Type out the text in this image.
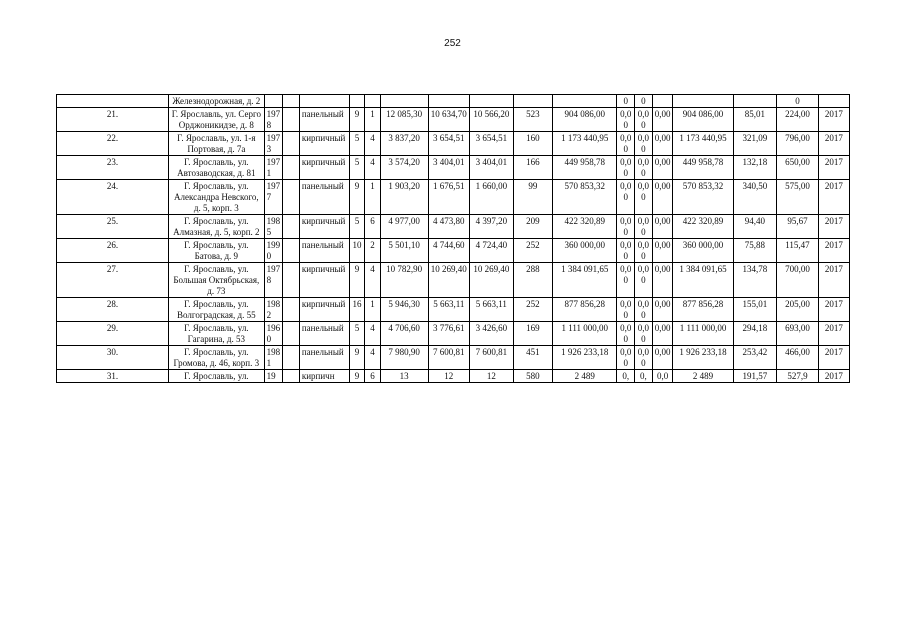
252
	Железнодорожная, д. 2											0	0				0	
21.	Г. Ярославль, ул. Серго Орджоникидзе, д. 8	1978		панельный	9	1	12 085,30	10 634,70	10 566,20	523	904 086,00	0,00	0,00	0,00	904 086,00	85,01	224,00	2017
22.	Г. Ярославль, ул. 1-я Портовая, д. 7а	1973		кирпичный	5	4	3 837,20	3 654,51	3 654,51	160	1 173 440,95	0,00	0,00	0,00	1 173 440,95	321,09	796,00	2017
23.	Г. Ярославль, ул. Автозаводская, д. 81	1971		кирпичный	5	4	3 574,20	3 404,01	3 404,01	166	449 958,78	0,00	0,00	0,00	449 958,78	132,18	650,00	2017
24.	Г. Ярославль, ул. Александра Невского, д. 5, корп. 3	1977		панельный	9	1	1 903,20	1 676,51	1 660,00	99	570 853,32	0,00	0,00	0,00	570 853,32	340,50	575,00	2017
25.	Г. Ярославль, ул. Алмазная, д. 5, корп. 2	1985		кирпичный	5	6	4 977,00	4 473,80	4 397,20	209	422 320,89	0,00	0,00	0,00	422 320,89	94,40	95,67	2017
26.	Г. Ярославль, ул. Батова, д. 9	1990		панельный	10	2	5 501,10	4 744,60	4 724,40	252	360 000,00	0,00	0,00	0,00	360 000,00	75,88	115,47	2017
27.	Г. Ярославль, ул. Большая Октябрьская, д. 73	1978		кирпичный	9	4	10 782,90	10 269,40	10 269,40	288	1 384 091,65	0,00	0,00	0,00	1 384 091,65	134,78	700,00	2017
28.	Г. Ярославль, ул. Волгоградская, д. 55	1982		кирпичный	16	1	5 946,30	5 663,11	5 663,11	252	877 856,28	0,00	0,00	0,00	877 856,28	155,01	205,00	2017
29.	Г. Ярославль, ул. Гагарина, д. 53	1960		панельный	5	4	4 706,60	3 776,61	3 426,60	169	1 111 000,00	0,00	0,00	0,00	1 111 000,00	294,18	693,00	2017
30.	Г. Ярославль, ул. Громова, д. 46, корп. 3	1981		панельный	9	4	7 980,90	7 600,81	7 600,81	451	1 926 233,18	0,00	0,00	0,00	1 926 233,18	253,42	466,00	2017
31.	Г. Ярославль, ул.	19		кирпичн	9	6	13	12	12	580	2 489	0,	0,	0,0	2 489	191,57	527,9	2017
